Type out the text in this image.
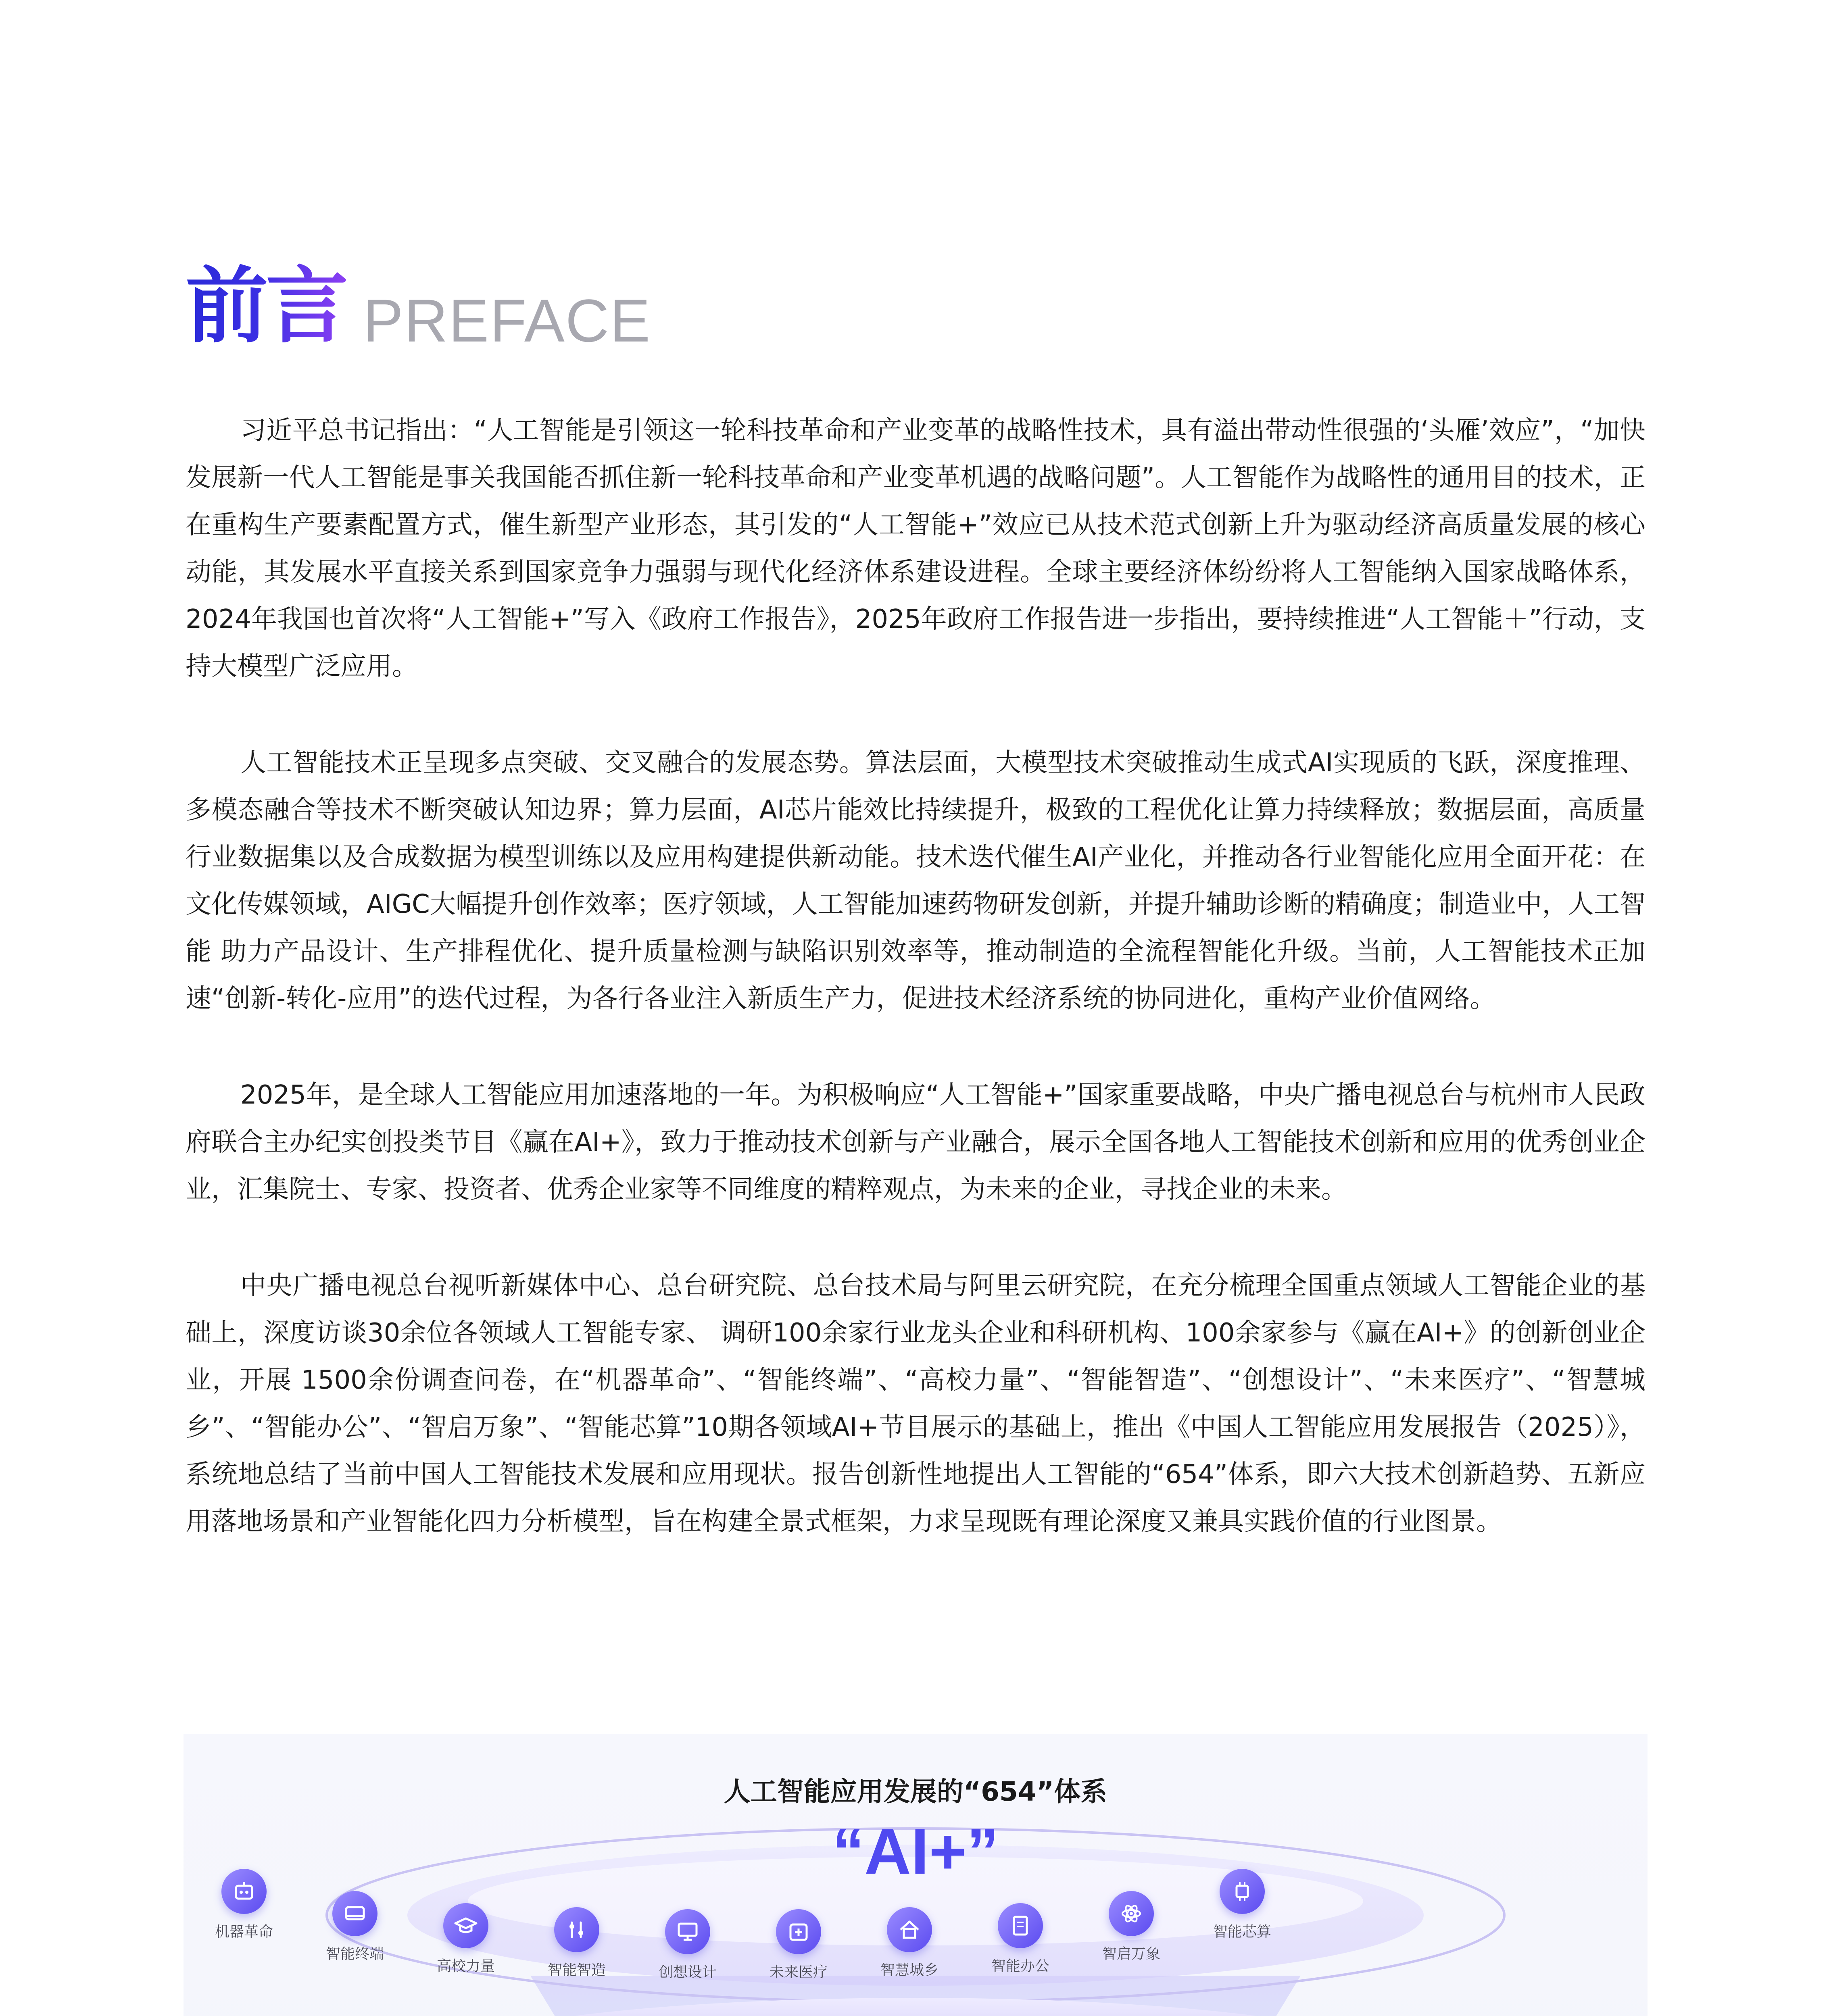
前言 PREFACE

习近平总书记指出：“人工智能是引领这一轮科技革命和产业变革的战略性技术，具有溢出带动性很强的‘头雁’效应”，“加快发展新一代人工智能是事关我国能否抓住新一轮科技革命和产业变革机遇的战略问题”。人工智能作为战略性的通用目的技术，正在重构生产要素配置方式，催生新型产业形态，其引发的“人工智能+”效应已从技术范式创新上升为驱动经济高质量发展的核心动能，其发展水平直接关系到国家竞争力强弱与现代化经济体系建设进程。全球主要经济体纷纷将人工智能纳入国家战略体系，2024年我国也首次将“人工智能+”写入《政府工作报告》，2025年政府工作报告进一步指出，要持续推进“人工智能＋”行动，支持大模型广泛应用。

人工智能技术正呈现多点突破、交叉融合的发展态势。算法层面，大模型技术突破推动生成式AI实现质的飞跃，深度推理、多模态融合等技术不断突破认知边界；算力层面，AI芯片能效比持续提升，极致的工程优化让算力持续释放；数据层面，高质量行业数据集以及合成数据为模型训练以及应用构建提供新动能。技术迭代催生AI产业化，并推动各行业智能化应用全面开花：在文化传媒领域，AIGC大幅提升创作效率；医疗领域，人工智能加速药物研发创新，并提升辅助诊断的精确度；制造业中，人工智能 助力产品设计、生产排程优化、提升质量检测与缺陷识别效率等，推动制造的全流程智能化升级。当前，人工智能技术正加速“创新-转化-应用”的迭代过程，为各行各业注入新质生产力，促进技术经济系统的协同进化，重构产业价值网络。

2025年，是全球人工智能应用加速落地的一年。为积极响应“人工智能+”国家重要战略，中央广播电视总台与杭州市人民政府联合主办纪实创投类节目《赢在AI+》，致力于推动技术创新与产业融合，展示全国各地人工智能技术创新和应用的优秀创业企业，汇集院士、专家、投资者、优秀企业家等不同维度的精粹观点，为未来的企业，寻找企业的未来。

中央广播电视总台视听新媒体中心、总台研究院、总台技术局与阿里云研究院，在充分梳理全国重点领域人工智能企业的基础上，深度访谈30余位各领域人工智能专家、 调研100余家行业龙头企业和科研机构、100余家参与《赢在AI+》的创新创业企业，开展 1500余份调查问卷，在“机器革命”、“智能终端”、“高校力量”、“智能智造”、“创想设计”、“未来医疗”、“智慧城乡”、“智能办公”、“智启万象”、“智能芯算”10期各领域AI+节目展示的基础上，推出《中国人工智能应用发展报告（2025）》，系统地总结了当前中国人工智能技术发展和应用现状。报告创新性地提出人工智能的“654”体系，即六大技术创新趋势、五新应用落地场景和产业智能化四力分析模型，旨在构建全景式框架，力求呈现既有理论深度又兼具实践价值的行业图景。

人工智能应用发展的“654”体系
“AI+”
机器革命
智能终端
高校力量	智能智造	创想设计	未来医疗	智慧城乡	智能办公
智启万象
智能芯算
